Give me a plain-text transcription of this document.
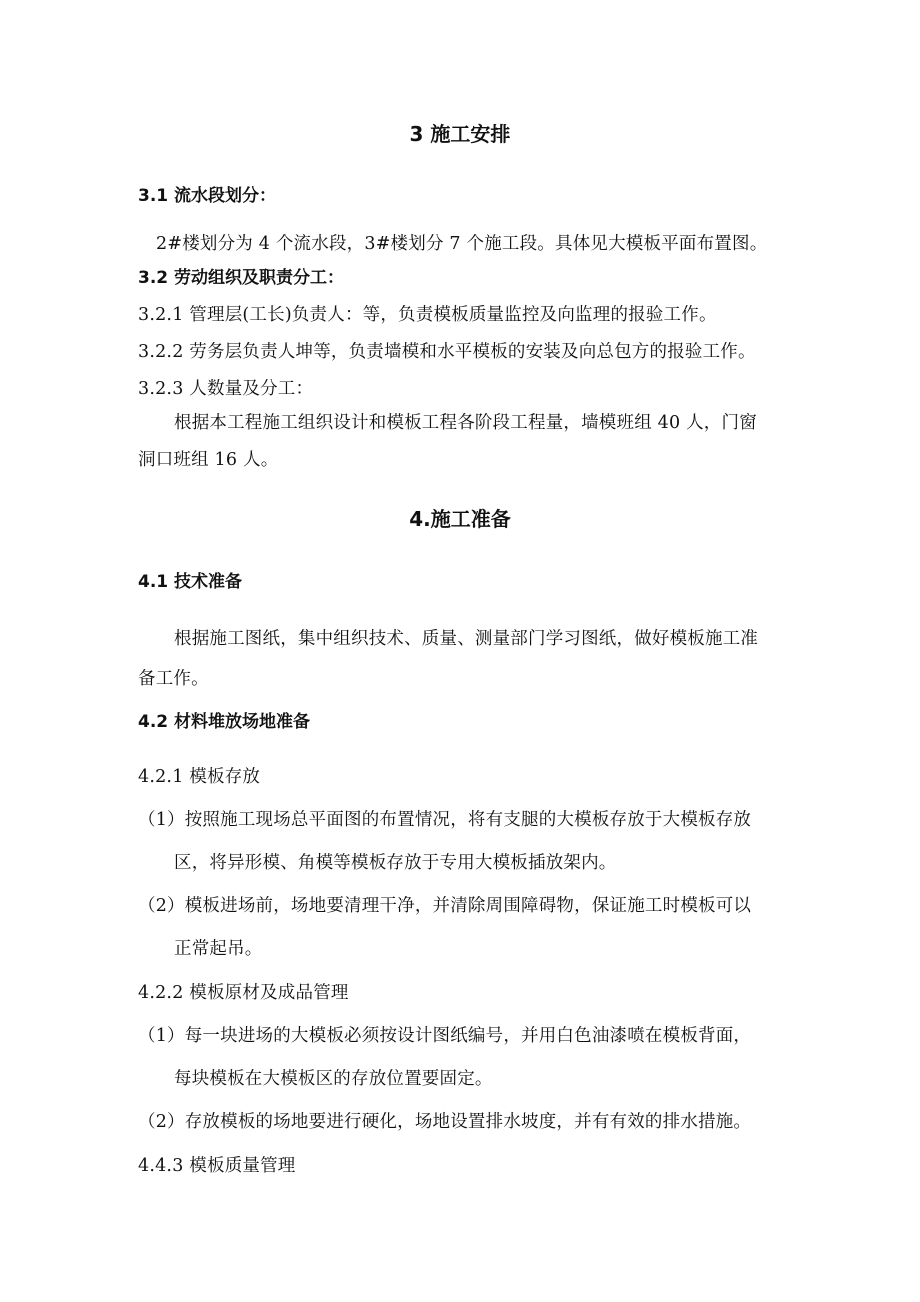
3 施工安排
3.1 流水段划分：
2#楼划分为 4 个流水段，3#楼划分 7 个施工段。具体见大模板平面布置图。
3.2 劳动组织及职责分工：
3.2.1 管理层(工长)负责人：等，负责模板质量监控及向监理的报验工作。
3.2.2 劳务层负责人坤等，负责墙模和水平模板的安装及向总包方的报验工作。
3.2.3 人数量及分工：
根据本工程施工组织设计和模板工程各阶段工程量，墙模班组 40 人，门窗
洞口班组 16 人。
4.施工准备
4.1 技术准备
根据施工图纸，集中组织技术、质量、测量部门学习图纸，做好模板施工准
备工作。
4.2 材料堆放场地准备
4.2.1 模板存放
（1）按照施工现场总平面图的布置情况，将有支腿的大模板存放于大模板存放
区，将异形模、角模等模板存放于专用大模板插放架内。
（2）模板进场前，场地要清理干净，并清除周围障碍物，保证施工时模板可以
正常起吊。
4.2.2 模板原材及成品管理
（1）每一块进场的大模板必须按设计图纸编号，并用白色油漆喷在模板背面，
每块模板在大模板区的存放位置要固定。
（2）存放模板的场地要进行硬化，场地设置排水坡度，并有有效的排水措施。
4.4.3 模板质量管理
